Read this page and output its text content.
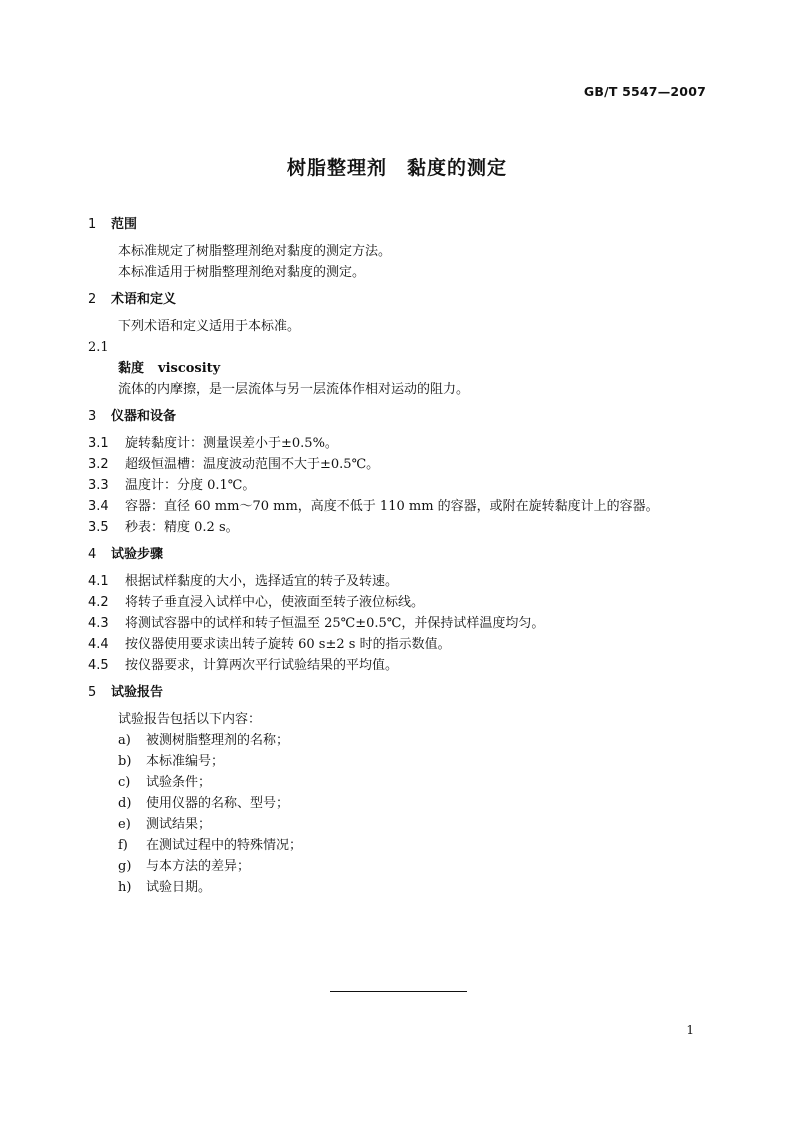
GB/T 5547—2007
树脂整理剂　黏度的测定
1 范围
本标准规定了树脂整理剂绝对黏度的测定方法。
本标准适用于树脂整理剂绝对黏度的测定。
2 术语和定义
下列术语和定义适用于本标准。
2.1
黏度 viscosity
流体的内摩擦，是一层流体与另一层流体作相对运动的阻力。
3 仪器和设备
3.1 旋转黏度计：测量误差小于±0.5%。
3.2 超级恒温槽：温度波动范围不大于±0.5℃。
3.3 温度计：分度 0.1℃。
3.4 容器：直径 60 mm～70 mm，高度不低于 110 mm 的容器，或附在旋转黏度计上的容器。
3.5 秒表：精度 0.2 s。
4 试验步骤
4.1 根据试样黏度的大小，选择适宜的转子及转速。
4.2 将转子垂直浸入试样中心，使液面至转子液位标线。
4.3 将测试容器中的试样和转子恒温至 25℃±0.5℃，并保持试样温度均匀。
4.4 按仪器使用要求读出转子旋转 60 s±2 s 时的指示数值。
4.5 按仪器要求，计算两次平行试验结果的平均值。
5 试验报告
试验报告包括以下内容：
a) 被测树脂整理剂的名称；
b) 本标准编号；
c) 试验条件；
d) 使用仪器的名称、型号；
e) 测试结果；
f) 在测试过程中的特殊情况；
g) 与本方法的差异；
h) 试验日期。
1
